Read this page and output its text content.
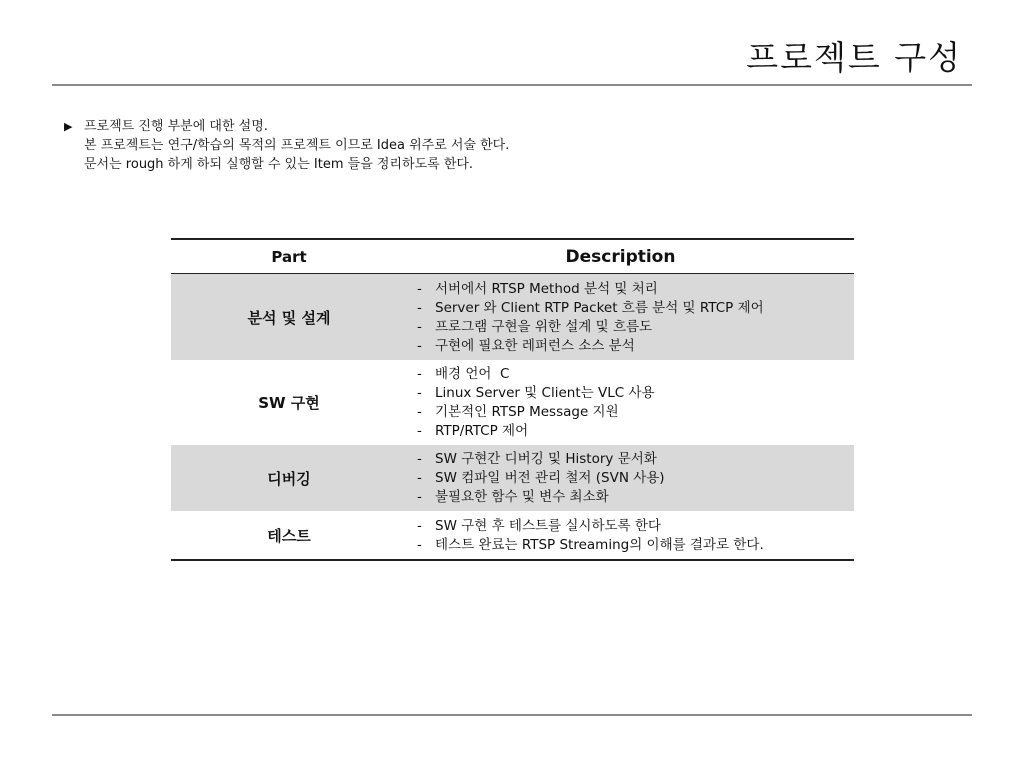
프로젝트 구성
▶ 프로젝트 진행 부분에 대한 설명.
본 프로젝트는 연구/학습의 목적의 프로젝트 이므로 Idea 위주로 서술 한다.
문서는 rough 하게 하되 실행할 수 있는 Item 들을 정리하도록 한다.
Part	Description
분석 및 설계
- 서버에서 RTSP Method 분석 및 처리
- Server 와 Client RTP Packet 흐름 분석 및 RTCP 제어
- 프로그램 구현을 위한 설계 및 흐름도
- 구현에 필요한 레퍼런스 소스 분석
SW 구현
- 배경 언어  C
- Linux Server 및 Client는 VLC 사용
- 기본적인 RTSP Message 지원
- RTP/RTCP 제어
디버깅
- SW 구현간 디버깅 및 History 문서화
- SW 컴파일 버전 관리 철저 (SVN 사용)
- 불필요한 함수 및 변수 최소화
테스트
- SW 구현 후 테스트를 실시하도록 한다
- 테스트 완료는 RTSP Streaming의 이해를 결과로 한다.
